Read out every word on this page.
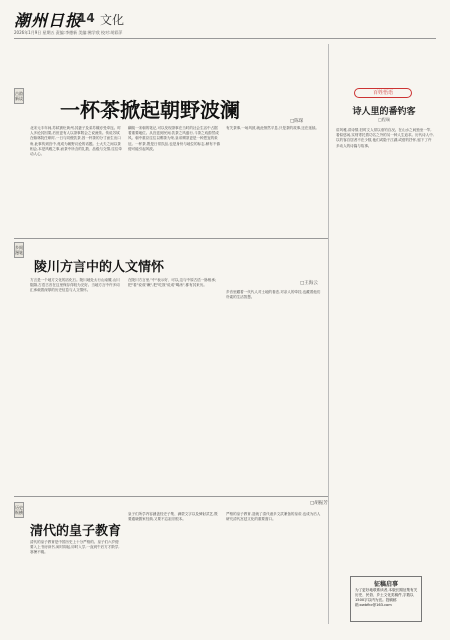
潮州日报
14 文化
2026年1月9日 星期五 责编:李德新 美编:佛学欣 校对:胡彩萍
古韵新谈 一杯茶掀起朝野波澜	□陈琛
北宋元丰年间,苏轼被贬黄州,其妻子及弟苏辙亦受牵连。时人多论其因果,后世更有人以茶事附会之说流传。传说苏轼在翰林院任职时,一日与同僚饮茶,因一杯茶的分寸而生出口角,此事传到宫中,竟成为朝野议论的话题。士大夫之间以茶相会,本是风雅之事,而茶中所含的礼数、品级与交情,往往牵动人心。
翻阅一宋朝的笔记,可以发现茶事在当时的社会生活中占据着重要地位。从宫廷到民间,饮茶之风盛行,斗茶之戏蔚然成风。朝中重臣往往以赐茶为荣,皇帝赐茶更是一种恩宠的象征。一杯茶,既是日常饮品,也是身份与地位的标志,稍有不慎便可能引起风波。
有关茶事,一场风波,就此悄然平息,只是茶的故事,还在延续。
乡间漫笔
陵川方言中的人文情怀
□王海云
方言是一个地方文化的活化石。陵川地处太行山南麓,山川阻隔,古语古音在这里保存得较为完好。当地方言中许多词汇承载着深厚的历史信息与人文情怀。
在陵川方言里,"中"表示好、可以,这与中原古语一脉相承;把"看"说成"瞅",把"吃饭"说成"喝汤",都有其来历。
乡音里藏着一代代人对土地的眷恋,对亲人的牵挂,也藏着他们朴素的生活智慧。
历史纵横
清代的皇子教育
□胡振芳
清代的皇子教育是中国历史上十分严格的。皇子们六岁便要入上书房读书,寅时即起,卯时入学,一直到午后方才散学,寒暑不辍。
皇子们所学内容涵盖经史子集、满蒙文字以及骑射武艺,既要通晓儒家经典,又要不忘祖宗根本。
严格的皇子教育,造就了清代诸多文武兼备的皇帝,也成为后人研究清代宫廷文化的重要窗口。
百姓悟语
诗人里的番钓客
□程瑞
讲风雅,讲诗情,旧时文人常以垂钓自况。在山水之间独坐一竿,看似悠闲,实则寄托着功名之外的另一种人生追求。历代诗人中,以钓客自居者不在少数,他们或隐于江湖,或借钓抒怀,留下了许多动人的诗篇与故事。
征稿启事
为了更好地联系读者,本版长期征集有关历史、民俗、乡土文化类稿件,字数以1500字以内为宜。投稿邮箱:xwbfkc@163.com
